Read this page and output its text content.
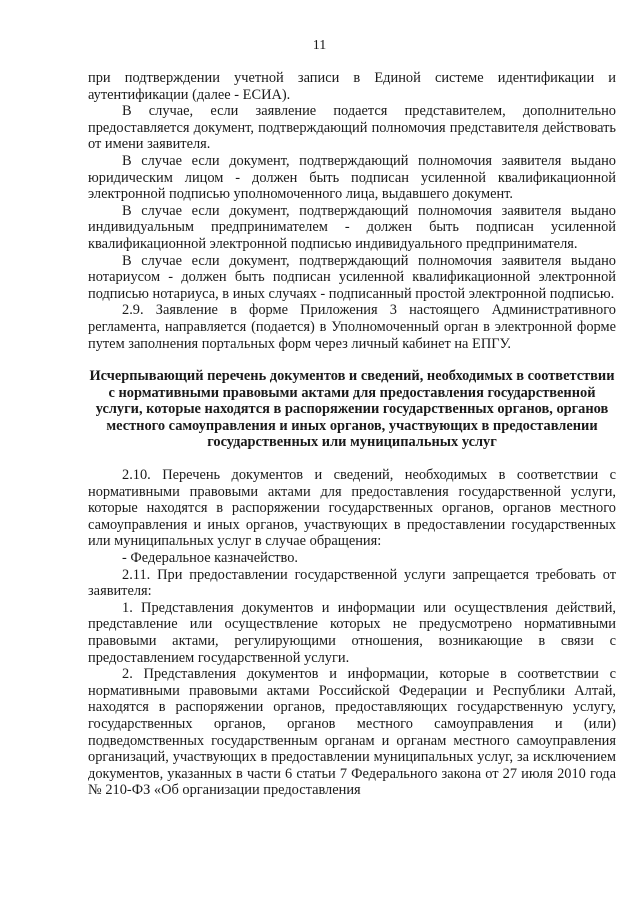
11

при подтверждении учетной записи в Единой системе идентификации и аутентификации (далее - ЕСИА).

В случае, если заявление подается представителем, дополнительно предоставляется документ, подтверждающий полномочия представителя действовать от имени заявителя.

В случае если документ, подтверждающий полномочия заявителя выдано юридическим лицом - должен быть подписан усиленной квалификационной электронной подписью уполномоченного лица, выдавшего документ.

В случае если документ, подтверждающий полномочия заявителя выдано индивидуальным предпринимателем - должен быть подписан усиленной квалификационной электронной подписью индивидуального предпринимателя.

В случае если документ, подтверждающий полномочия заявителя выдано нотариусом - должен быть подписан усиленной квалификационной электронной подписью нотариуса, в иных случаях - подписанный простой электронной подписью.

2.9. Заявление в форме Приложения 3 настоящего Административного регламента, направляется (подается) в Уполномоченный орган в электронной форме путем заполнения портальных форм через личный кабинет на ЕПГУ.

Исчерпывающий перечень документов и сведений, необходимых в соответствии с нормативными правовыми актами для предоставления государственной услуги, которые находятся в распоряжении государственных органов, органов местного самоуправления и иных органов, участвующих в предоставлении государственных или муниципальных услуг

2.10. Перечень документов и сведений, необходимых в соответствии с нормативными правовыми актами для предоставления государственной услуги, которые находятся в распоряжении государственных органов, органов местного самоуправления и иных органов, участвующих в предоставлении государственных или муниципальных услуг в случае обращения:

- Федеральное казначейство.

2.11. При предоставлении государственной услуги запрещается требовать от заявителя:

1. Представления документов и информации или осуществления действий, представление или осуществление которых не предусмотрено нормативными правовыми актами, регулирующими отношения, возникающие в связи с предоставлением государственной услуги.

2. Представления документов и информации, которые в соответствии с нормативными правовыми актами Российской Федерации и Республики Алтай, находятся в распоряжении органов, предоставляющих государственную услугу, государственных органов, органов местного самоуправления и (или) подведомственных государственным органам и органам местного самоуправления организаций, участвующих в предоставлении муниципальных услуг, за исключением документов, указанных в части 6 статьи 7 Федерального закона от 27 июля 2010 года № 210-ФЗ «Об организации предоставления
